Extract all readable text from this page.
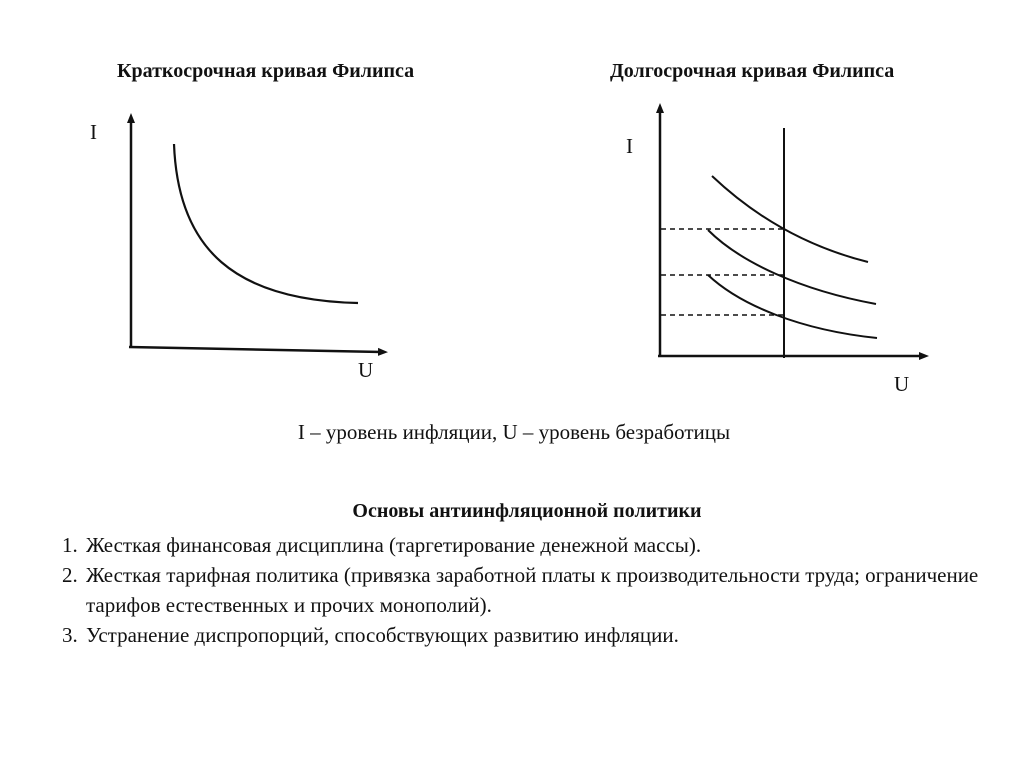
Краткосрочная кривая Филипса
I
U
Долгосрочная кривая Филипса
I
U
I – уровень инфляции, U – уровень безработицы
Основы антиинфляционной политики
1. Жесткая финансовая дисциплина (таргетирование денежной массы).
2. Жесткая тарифная политика (привязка заработной платы к производительности труда; ограничение тарифов естественных и прочих монополий).
3. Устранение диспропорций, способствующих развитию инфляции.
